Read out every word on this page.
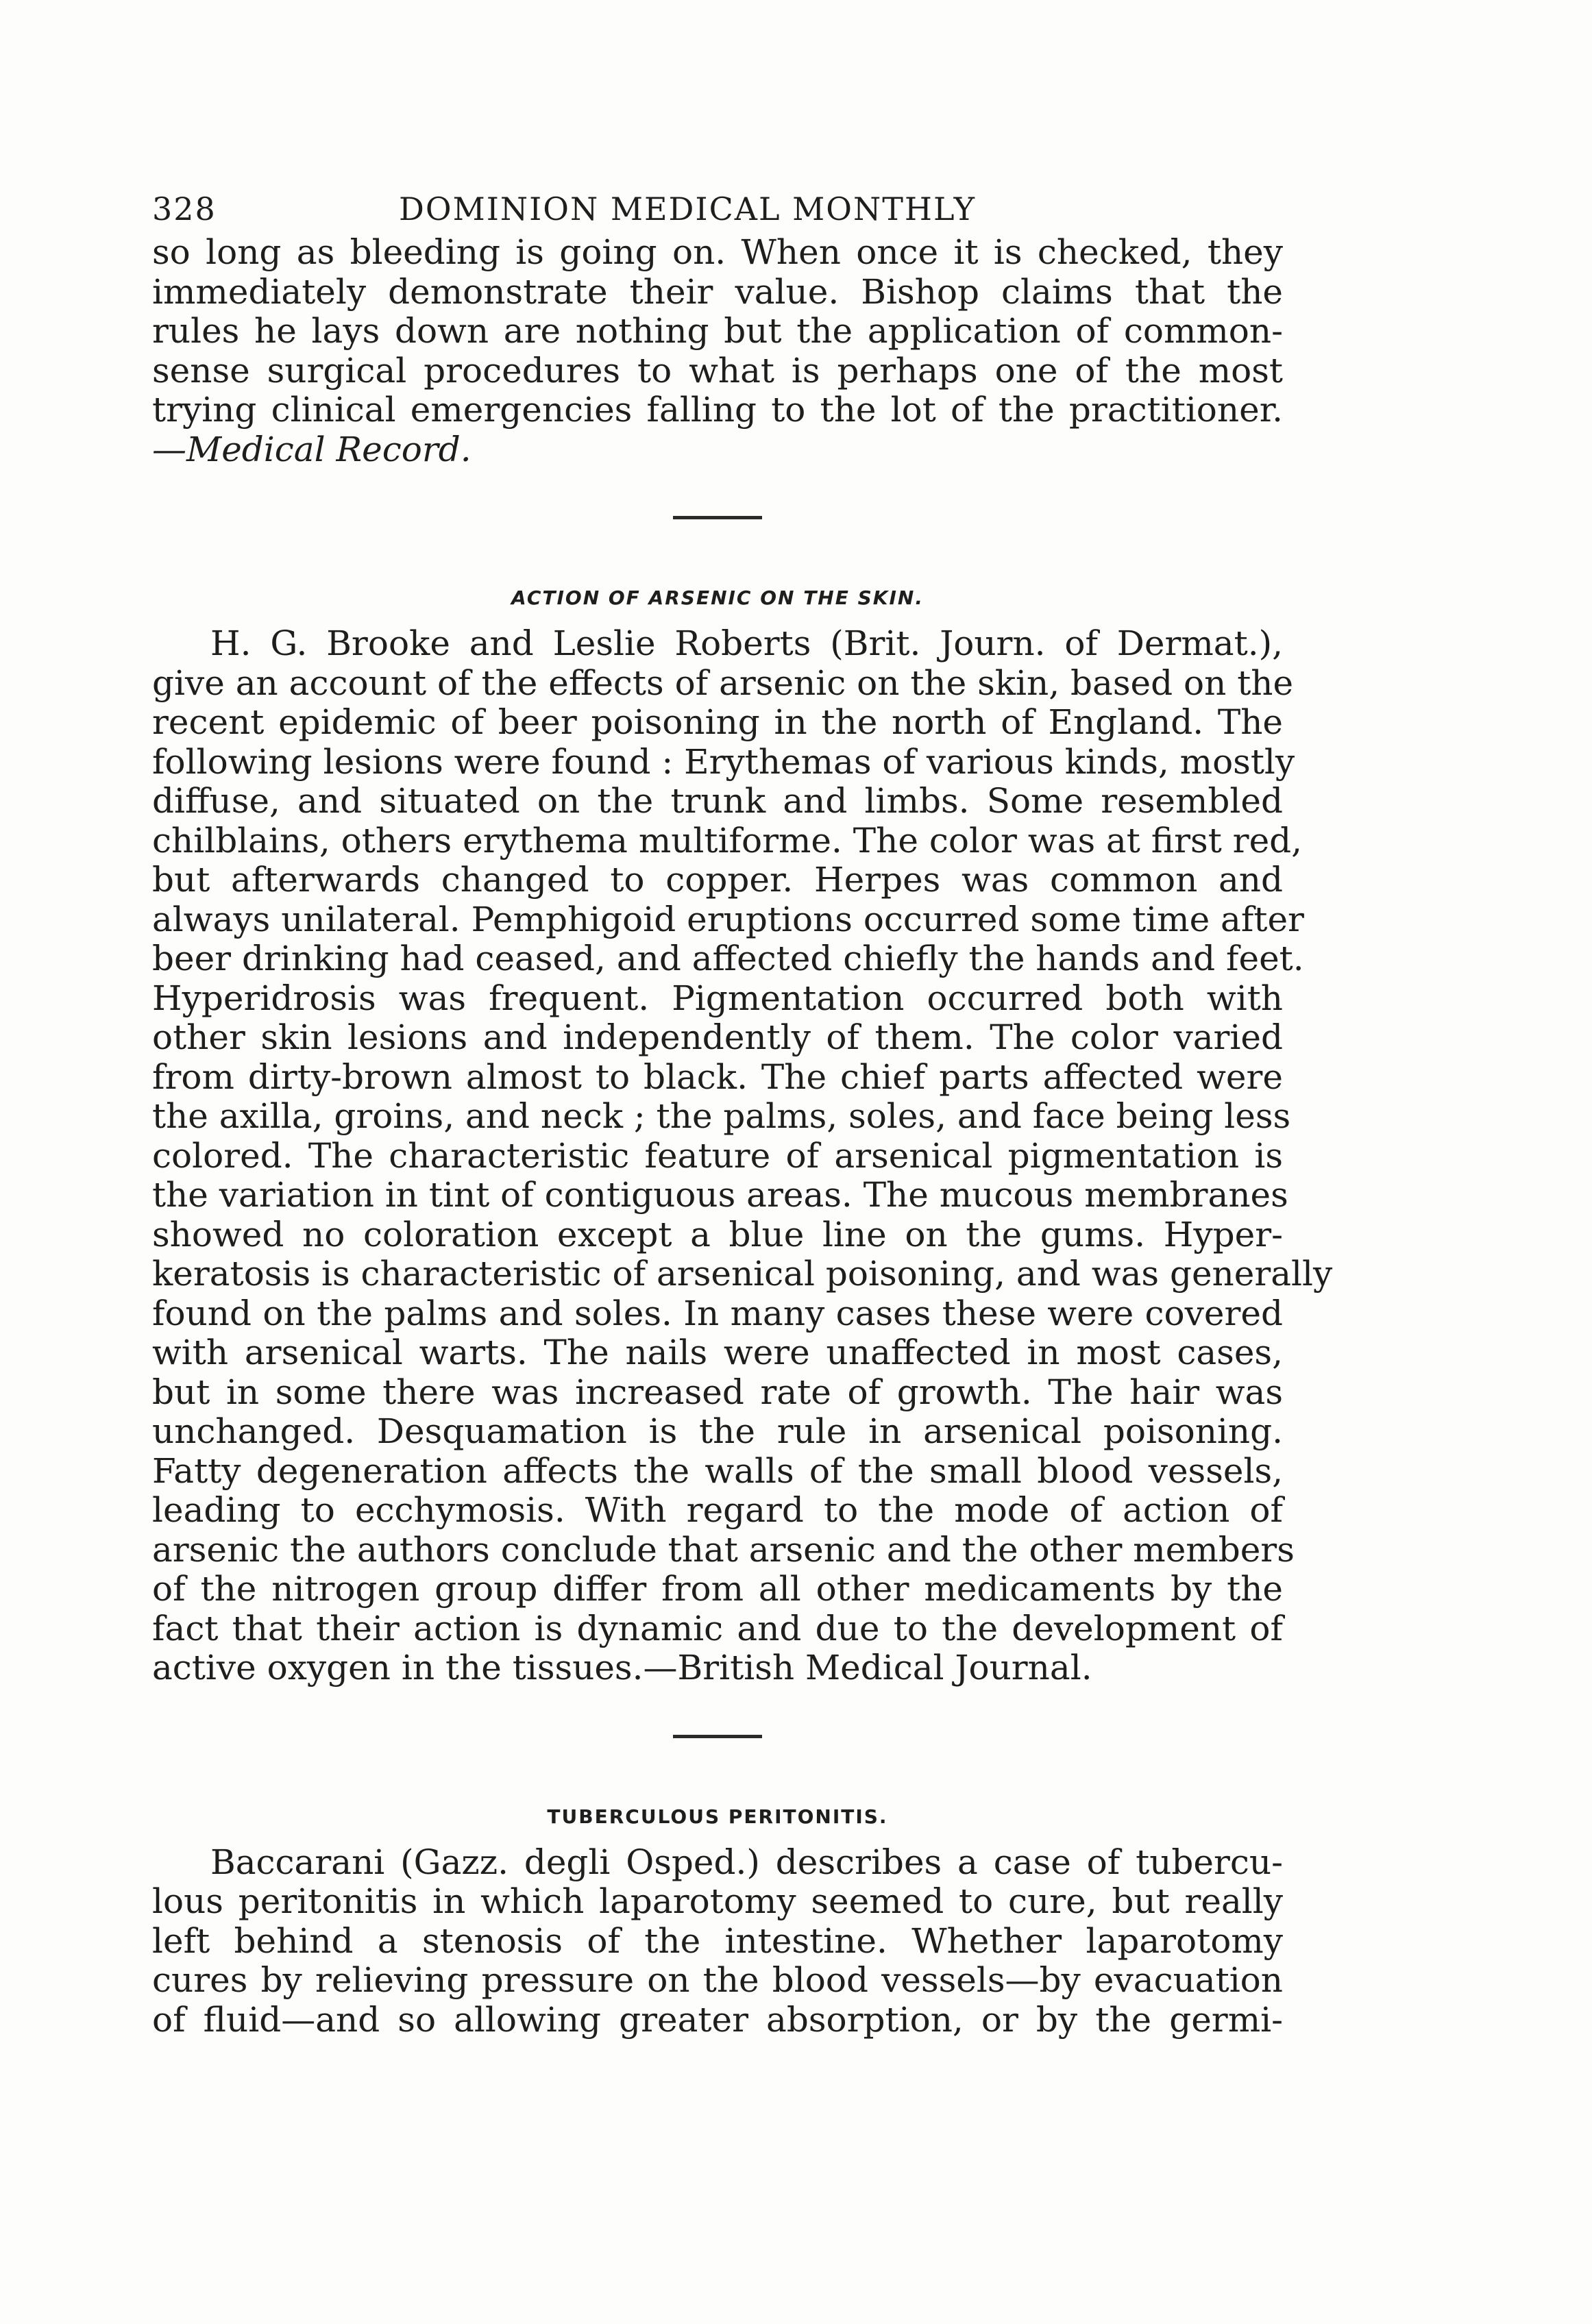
328	DOMINION MEDICAL MONTHLY
so long as bleeding is going on. When once it is checked, they
immediately demonstrate their value. Bishop claims that the
rules he lays down are nothing but the application of common-
sense surgical procedures to what is perhaps one of the most
trying clinical emergencies falling to the lot of the practitioner.
—Medical Record.
ACTION OF ARSENIC ON THE SKIN.
H. G. Brooke and Leslie Roberts (Brit. Journ. of Dermat.),
give an account of the effects of arsenic on the skin, based on the
recent epidemic of beer poisoning in the north of England. The
following lesions were found : Erythemas of various kinds, mostly
diffuse, and situated on the trunk and limbs. Some resembled
chilblains, others erythema multiforme. The color was at first red,
but afterwards changed to copper. Herpes was common and
always unilateral. Pemphigoid eruptions occurred some time after
beer drinking had ceased, and affected chiefly the hands and feet.
Hyperidrosis was frequent. Pigmentation occurred both with
other skin lesions and independently of them. The color varied
from dirty-brown almost to black. The chief parts affected were
the axilla, groins, and neck ; the palms, soles, and face being less
colored. The characteristic feature of arsenical pigmentation is
the variation in tint of contiguous areas. The mucous membranes
showed no coloration except a blue line on the gums. Hyper-
keratosis is characteristic of arsenical poisoning, and was generally
found on the palms and soles. In many cases these were covered
with arsenical warts. The nails were unaffected in most cases,
but in some there was increased rate of growth. The hair was
unchanged. Desquamation is the rule in arsenical poisoning.
Fatty degeneration affects the walls of the small blood vessels,
leading to ecchymosis. With regard to the mode of action of
arsenic the authors conclude that arsenic and the other members
of the nitrogen group differ from all other medicaments by the
fact that their action is dynamic and due to the development of
active oxygen in the tissues.—British Medical Journal.
TUBERCULOUS PERITONITIS.
Baccarani (Gazz. degli Osped.) describes a case of tubercu-
lous peritonitis in which laparotomy seemed to cure, but really
left behind a stenosis of the intestine. Whether laparotomy
cures by relieving pressure on the blood vessels—by evacuation
of fluid—and so allowing greater absorption, or by the germi-
